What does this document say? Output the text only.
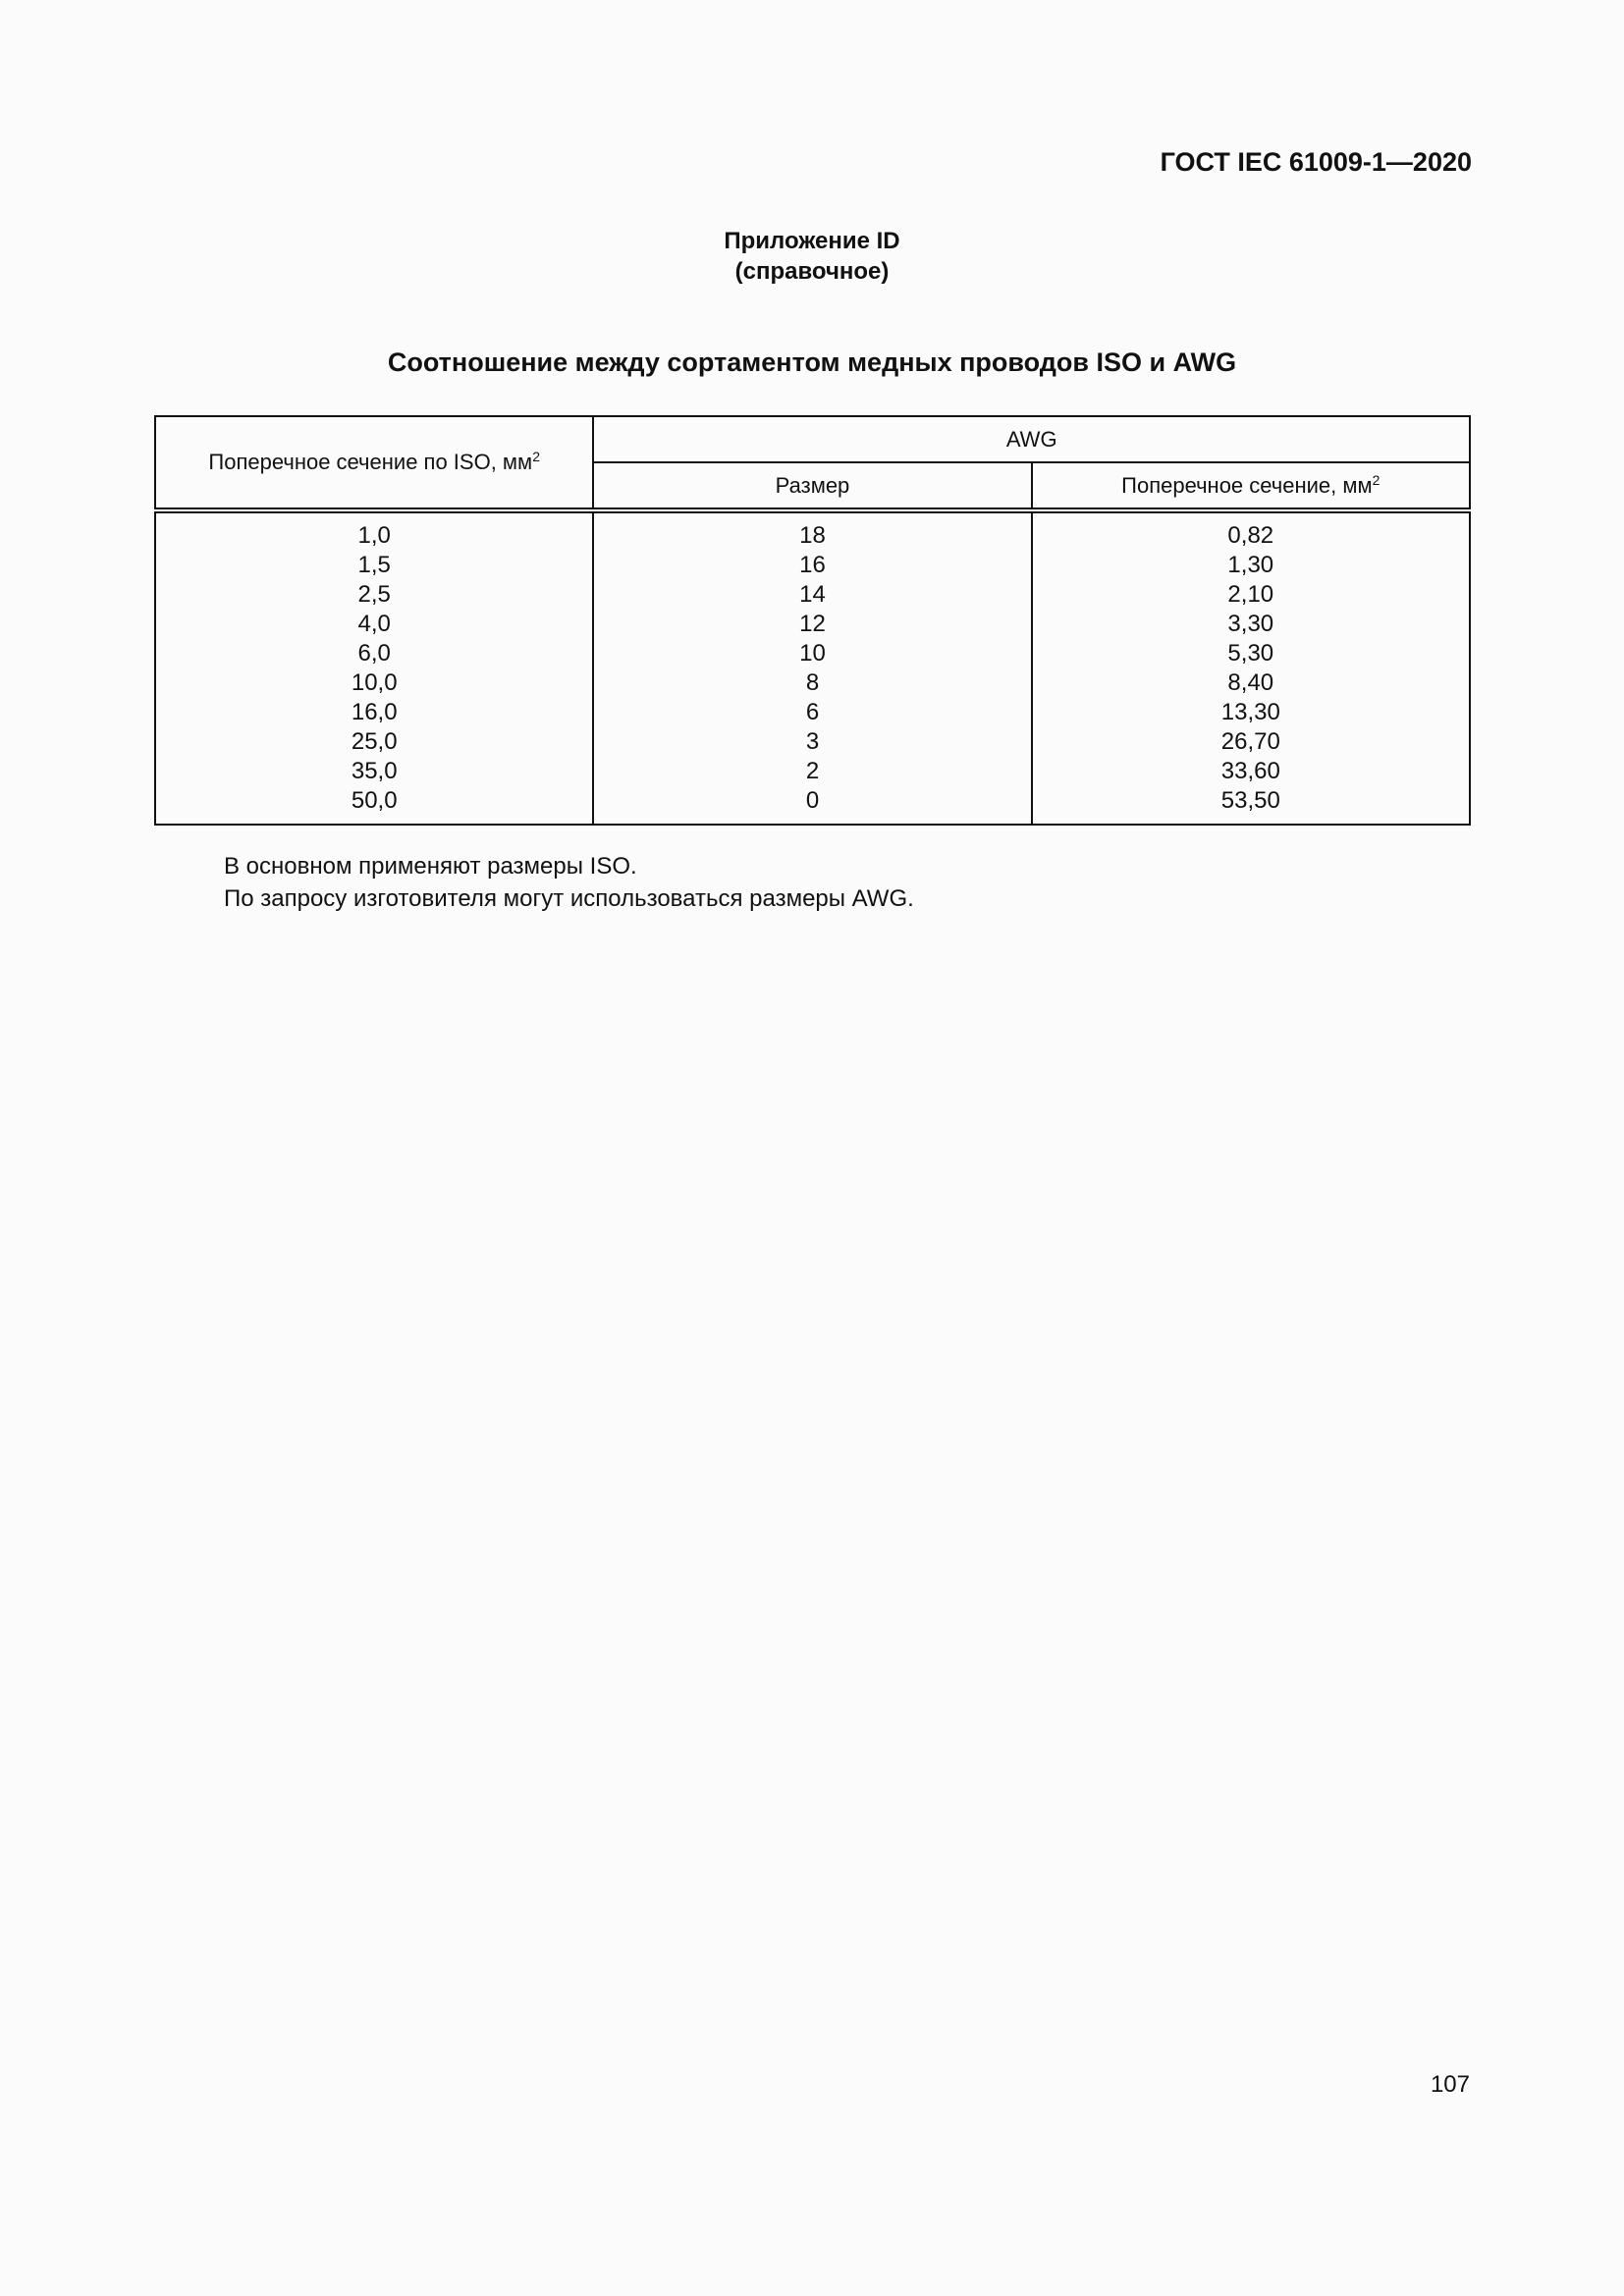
ГОСТ IEC 61009-1—2020
Приложение ID
(справочное)
Соотношение между сортаментом медных проводов ISO и AWG
Поперечное сечение по ISO, $мм^2$	AWG	
	Размер	Поперечное сечение, $мм^2$
1,0	18	0,82
1,5	16	1,30
2,5	14	2,10
4,0	12	3,30
6,0	10	5,30
10,0	8	8,40
16,0	6	13,30
25,0	3	26,70
35,0	2	33,60
50,0	0	53,50
В основном применяют размеры ISO.
По запросу изготовителя могут использоваться размеры AWG.
107
